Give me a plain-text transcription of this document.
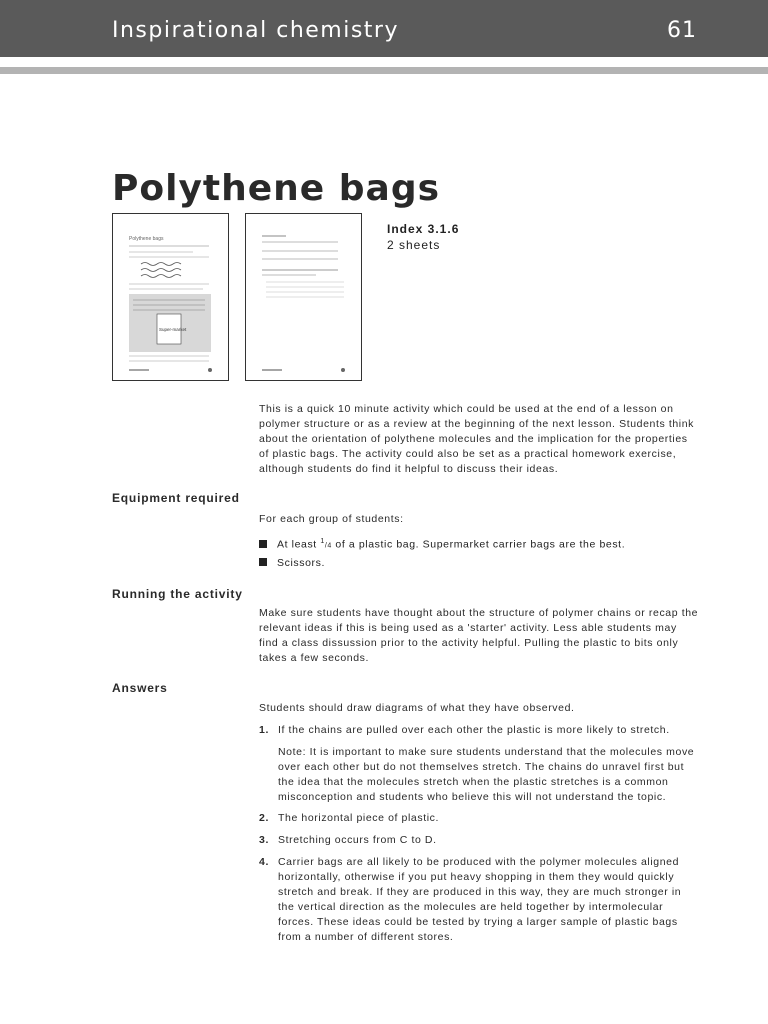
Inspirational chemistry	61
Polythene bags
Polythene bags
Super-market
Index 3.1.6
2 sheets

This is a quick 10 minute activity which could be used at the end of a lesson on polymer structure or as a review at the beginning of the next lesson. Students think about the orientation of polythene molecules and the implication for the properties of plastic bags. The activity could also be set as a practical homework exercise, although students do find it helpful to discuss their ideas.

Equipment required

For each group of students:

At least $^1$/4 of a plastic bag. Supermarket carrier bags are the best.
Scissors.
Running the activity

Make sure students have thought about the structure of polymer chains or recap the relevant ideas if this is being used as a 'starter' activity. Less able students may find a class dissussion prior to the activity helpful. Pulling the plastic to bits only takes a few seconds.

Answers

Students should draw diagrams of what they have observed.

1. If the chains are pulled over each other the plastic is more likely to stretch.
Note: It is important to make sure students understand that the molecules move over each other but do not themselves stretch. The chains do unravel first but the idea that the molecules stretch when the plastic stretches is a common misconception and students who believe this will not understand the topic.
2. The horizontal piece of plastic.
3. Stretching occurs from C to D.
4. Carrier bags are all likely to be produced with the polymer molecules aligned horizontally, otherwise if you put heavy shopping in them they would quickly stretch and break. If they are produced in this way, they are much stronger in the vertical direction as the molecules are held together by intermolecular forces. These ideas could be tested by trying a larger sample of plastic bags from a number of different stores.
